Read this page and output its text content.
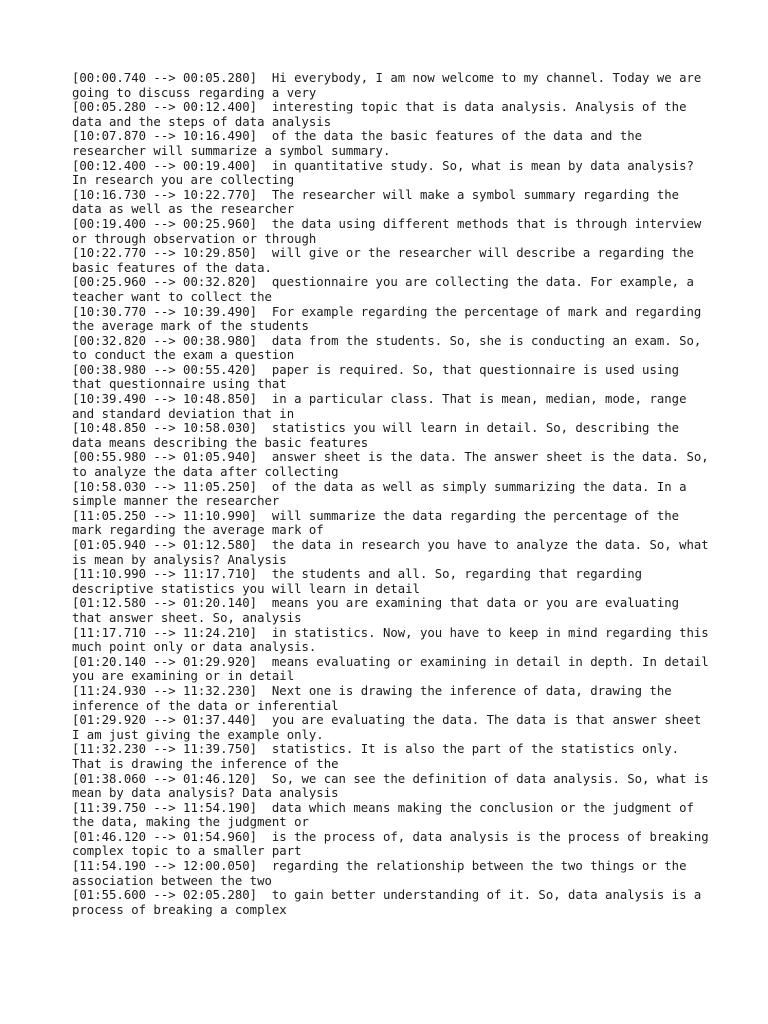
[00:00.740 --> 00:05.280]  Hi everybody, I am now welcome to my channel. Today we are going to discuss regarding a very
[00:05.280 --> 00:12.400]  interesting topic that is data analysis. Analysis of the data and the steps of data analysis
[10:07.870 --> 10:16.490]  of the data the basic features of the data and the researcher will summarize a symbol summary.
[00:12.400 --> 00:19.400]  in quantitative study. So, what is mean by data analysis? In research you are collecting
[10:16.730 --> 10:22.770]  The researcher will make a symbol summary regarding the data as well as the researcher
[00:19.400 --> 00:25.960]  the data using different methods that is through interview or through observation or through
[10:22.770 --> 10:29.850]  will give or the researcher will describe a regarding the basic features of the data.
[00:25.960 --> 00:32.820]  questionnaire you are collecting the data. For example, a teacher want to collect the
[10:30.770 --> 10:39.490]  For example regarding the percentage of mark and regarding the average mark of the students
[00:32.820 --> 00:38.980]  data from the students. So, she is conducting an exam. So, to conduct the exam a question
[00:38.980 --> 00:55.420]  paper is required. So, that questionnaire is used using that questionnaire using that
[10:39.490 --> 10:48.850]  in a particular class. That is mean, median, mode, range and standard deviation that in
[10:48.850 --> 10:58.030]  statistics you will learn in detail. So, describing the data means describing the basic features
[00:55.980 --> 01:05.940]  answer sheet is the data. The answer sheet is the data. So, to analyze the data after collecting
[10:58.030 --> 11:05.250]  of the data as well as simply summarizing the data. In a simple manner the researcher
[11:05.250 --> 11:10.990]  will summarize the data regarding the percentage of the mark regarding the average mark of
[01:05.940 --> 01:12.580]  the data in research you have to analyze the data. So, what is mean by analysis? Analysis
[11:10.990 --> 11:17.710]  the students and all. So, regarding that regarding descriptive statistics you will learn in detail
[01:12.580 --> 01:20.140]  means you are examining that data or you are evaluating that answer sheet. So, analysis
[11:17.710 --> 11:24.210]  in statistics. Now, you have to keep in mind regarding this much point only or data analysis.
[01:20.140 --> 01:29.920]  means evaluating or examining in detail in depth. In detail you are examining or in detail
[11:24.930 --> 11:32.230]  Next one is drawing the inference of data, drawing the inference of the data or inferential
[01:29.920 --> 01:37.440]  you are evaluating the data. The data is that answer sheet I am just giving the example only.
[11:32.230 --> 11:39.750]  statistics. It is also the part of the statistics only. That is drawing the inference of the
[01:38.060 --> 01:46.120]  So, we can see the definition of data analysis. So, what is mean by data analysis? Data analysis
[11:39.750 --> 11:54.190]  data which means making the conclusion or the judgment of the data, making the judgment or
[01:46.120 --> 01:54.960]  is the process of, data analysis is the process of breaking complex topic to a smaller part
[11:54.190 --> 12:00.050]  regarding the relationship between the two things or the association between the two
[01:55.600 --> 02:05.280]  to gain better understanding of it. So, data analysis is a process of breaking a complex
